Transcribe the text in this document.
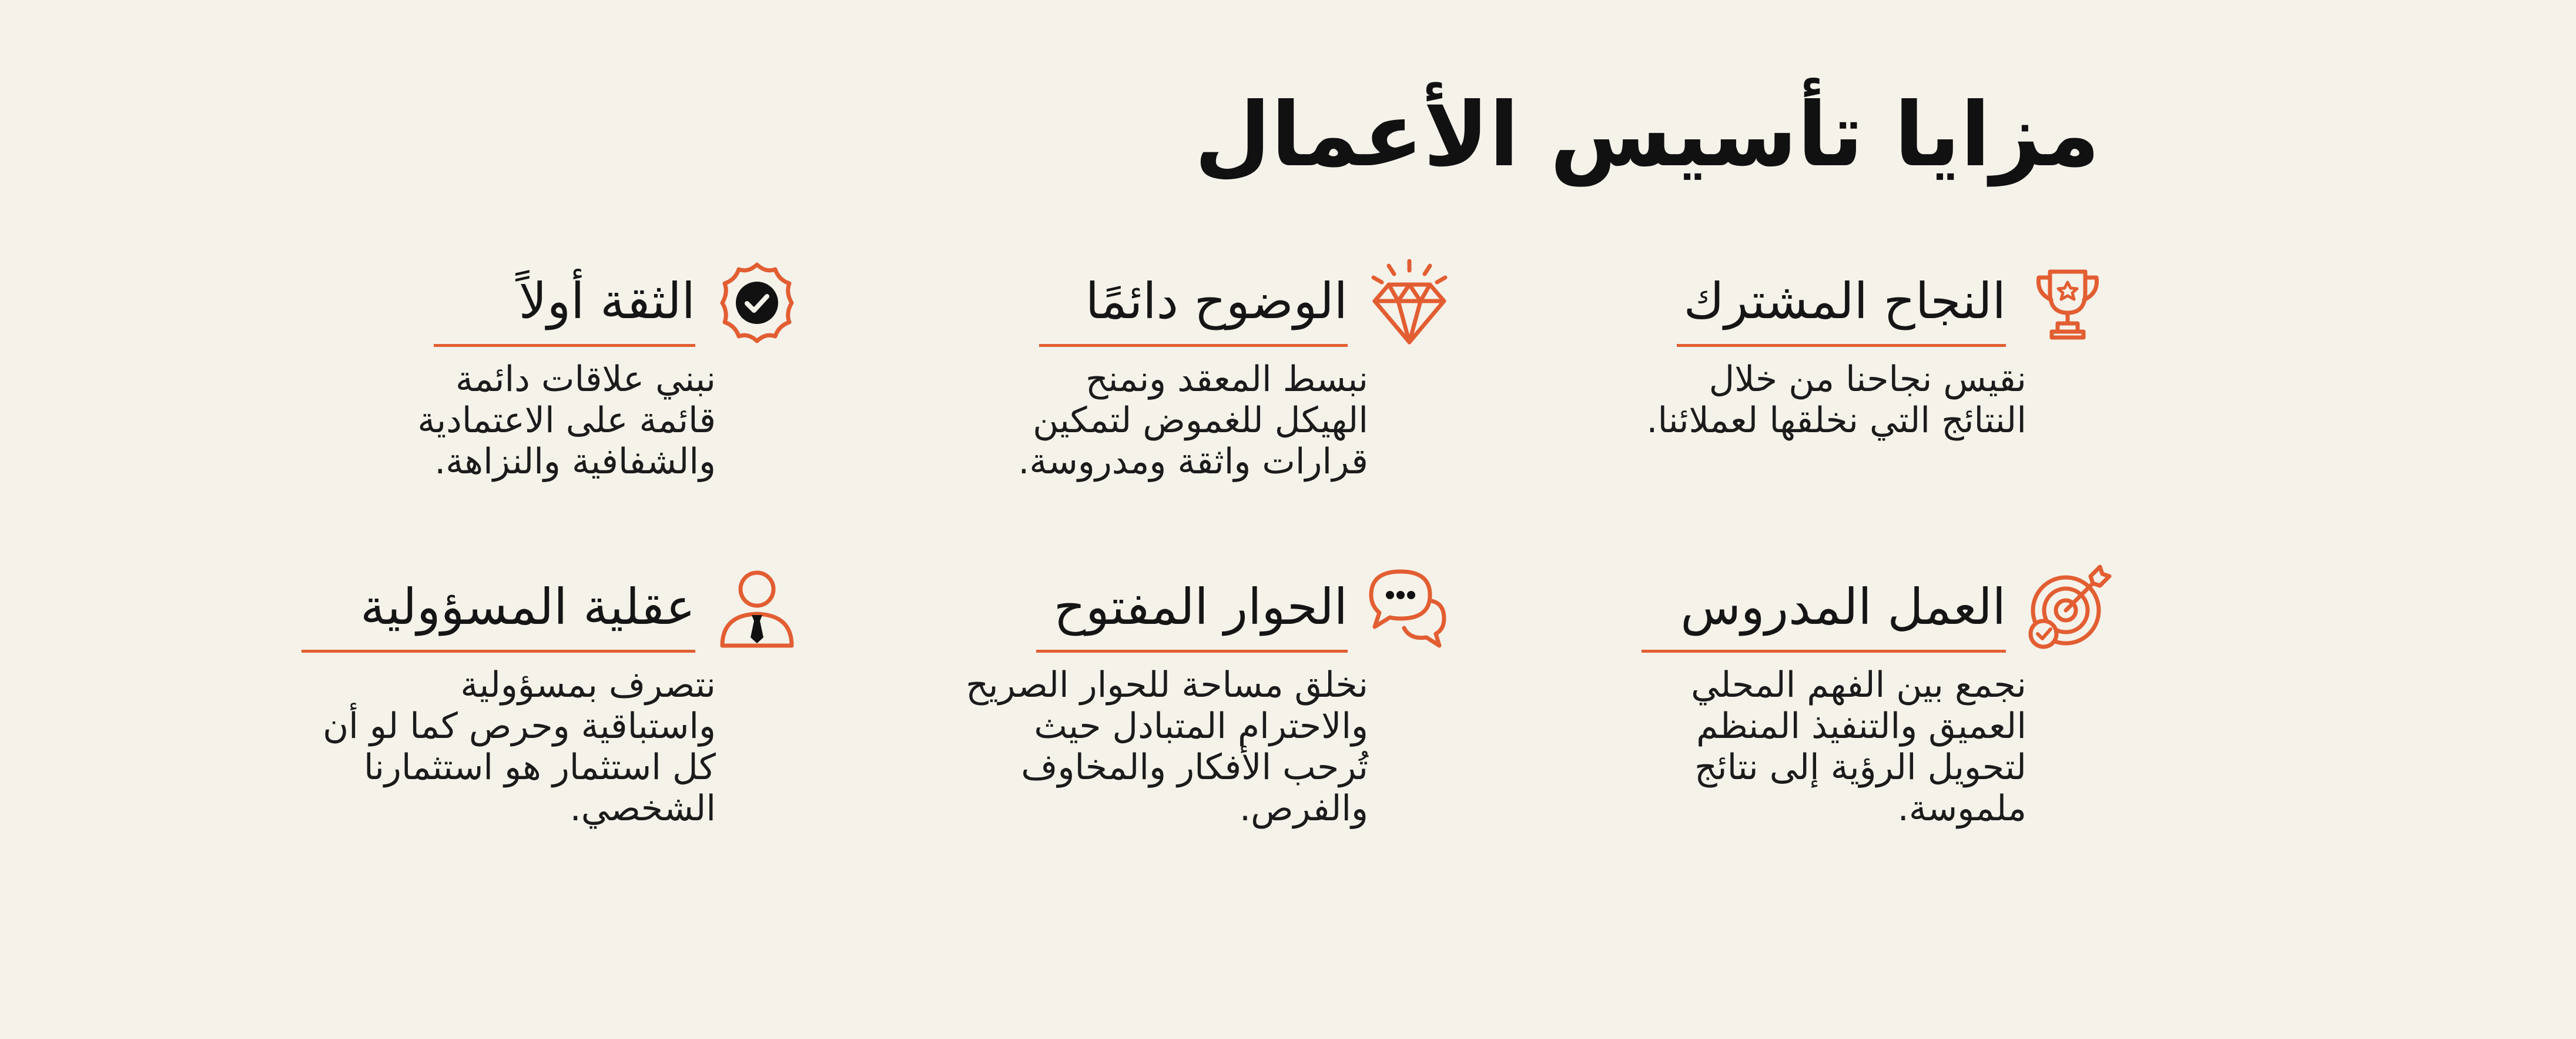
مزايا تأسيس الأعمال
النجاح المشترك
نقيس نجاحنا من خلال
النتائج التي نخلقها لعملائنا.
الوضوح دائمًا
نبسط المعقد ونمنح
الهيكل للغموض لتمكين
قرارات واثقة ومدروسة.
الثقة أولاً
نبني علاقات دائمة
قائمة على الاعتمادية
والشفافية والنزاهة.
العمل المدروس
نجمع بين الفهم المحلي
العميق والتنفيذ المنظم
لتحويل الرؤية إلى نتائج
ملموسة.
الحوار المفتوح
نخلق مساحة للحوار الصريح
والاحترام المتبادل حيث
تُرحب الأفكار والمخاوف
والفرص.
عقلية المسؤولية
نتصرف بمسؤولية
واستباقية وحرص كما لو أن
كل استثمار هو استثمارنا
الشخصي.
